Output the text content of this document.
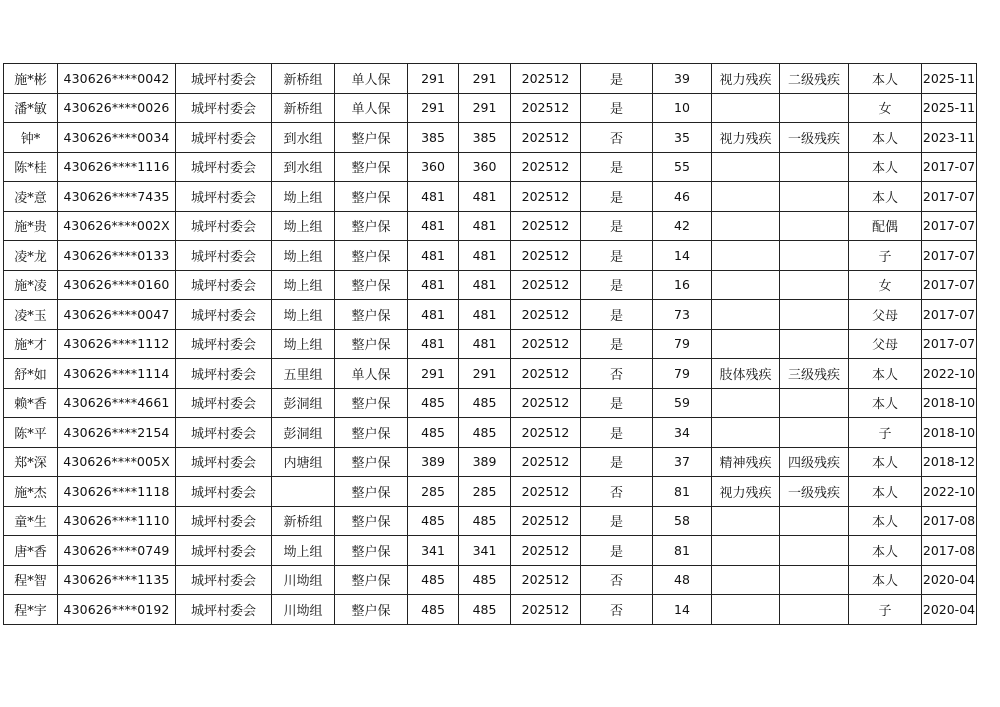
施*彬	430626****0042	城坪村委会	新桥组	单人保	291	291	202512	是	39	视力残疾	二级残疾	本人	2025-11
潘*敏	430626****0026	城坪村委会	新桥组	单人保	291	291	202512	是	10			女	2025-11
钟*	430626****0034	城坪村委会	到水组	整户保	385	385	202512	否	35	视力残疾	一级残疾	本人	2023-11
陈*桂	430626****1116	城坪村委会	到水组	整户保	360	360	202512	是	55			本人	2017-07
凌*意	430626****7435	城坪村委会	坳上组	整户保	481	481	202512	是	46			本人	2017-07
施*贵	430626****002X	城坪村委会	坳上组	整户保	481	481	202512	是	42			配偶	2017-07
凌*龙	430626****0133	城坪村委会	坳上组	整户保	481	481	202512	是	14			子	2017-07
施*凌	430626****0160	城坪村委会	坳上组	整户保	481	481	202512	是	16			女	2017-07
凌*玉	430626****0047	城坪村委会	坳上组	整户保	481	481	202512	是	73			父母	2017-07
施*才	430626****1112	城坪村委会	坳上组	整户保	481	481	202512	是	79			父母	2017-07
舒*如	430626****1114	城坪村委会	五里组	单人保	291	291	202512	否	79	肢体残疾	三级残疾	本人	2022-10
赖*香	430626****4661	城坪村委会	彭洞组	整户保	485	485	202512	是	59			本人	2018-10
陈*平	430626****2154	城坪村委会	彭洞组	整户保	485	485	202512	是	34			子	2018-10
郑*深	430626****005X	城坪村委会	内塘组	整户保	389	389	202512	是	37	精神残疾	四级残疾	本人	2018-12
施*杰	430626****1118	城坪村委会		整户保	285	285	202512	否	81	视力残疾	一级残疾	本人	2022-10
童*生	430626****1110	城坪村委会	新桥组	整户保	485	485	202512	是	58			本人	2017-08
唐*香	430626****0749	城坪村委会	坳上组	整户保	341	341	202512	是	81			本人	2017-08
程*智	430626****1135	城坪村委会	川坳组	整户保	485	485	202512	否	48			本人	2020-04
程*宇	430626****0192	城坪村委会	川坳组	整户保	485	485	202512	否	14			子	2020-04
